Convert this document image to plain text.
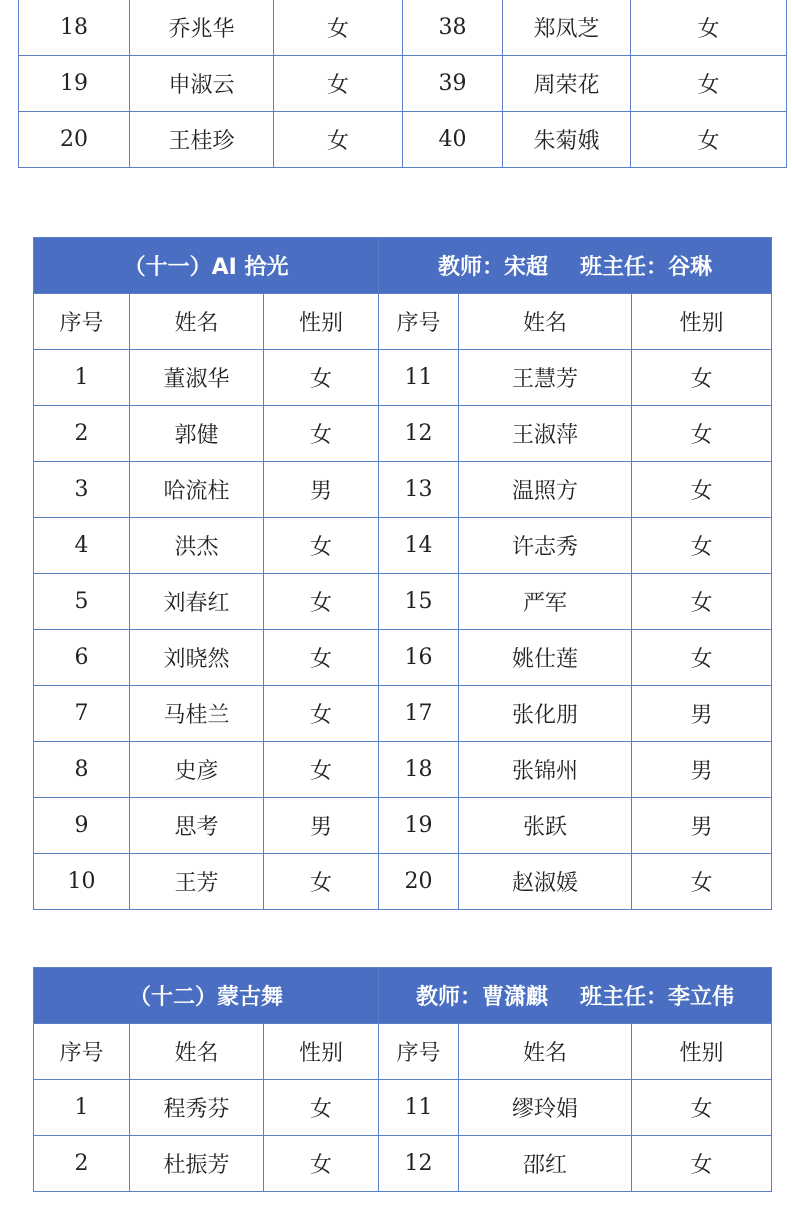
18	乔兆华	女	38	郑凤芝	女
19	申淑云	女	39	周荣花	女
20	王桂珍	女	40	朱菊娥	女
（十一）AI 拾光			教师：宋超 班主任：谷琳		
序号	姓名	性别	序号	姓名	性别
1	董淑华	女	11	王慧芳	女
2	郭健	女	12	王淑萍	女
3	哈流柱	男	13	温照方	女
4	洪杰	女	14	许志秀	女
5	刘春红	女	15	严军	女
6	刘晓然	女	16	姚仕莲	女
7	马桂兰	女	17	张化朋	男
8	史彦	女	18	张锦州	男
9	思考	男	19	张跃	男
10	王芳	女	20	赵淑媛	女
（十二）蒙古舞			教师：曹潇麒 班主任：李立伟		
序号	姓名	性别	序号	姓名	性别
1	程秀芬	女	11	缪玲娟	女
2	杜振芳	女	12	邵红	女
